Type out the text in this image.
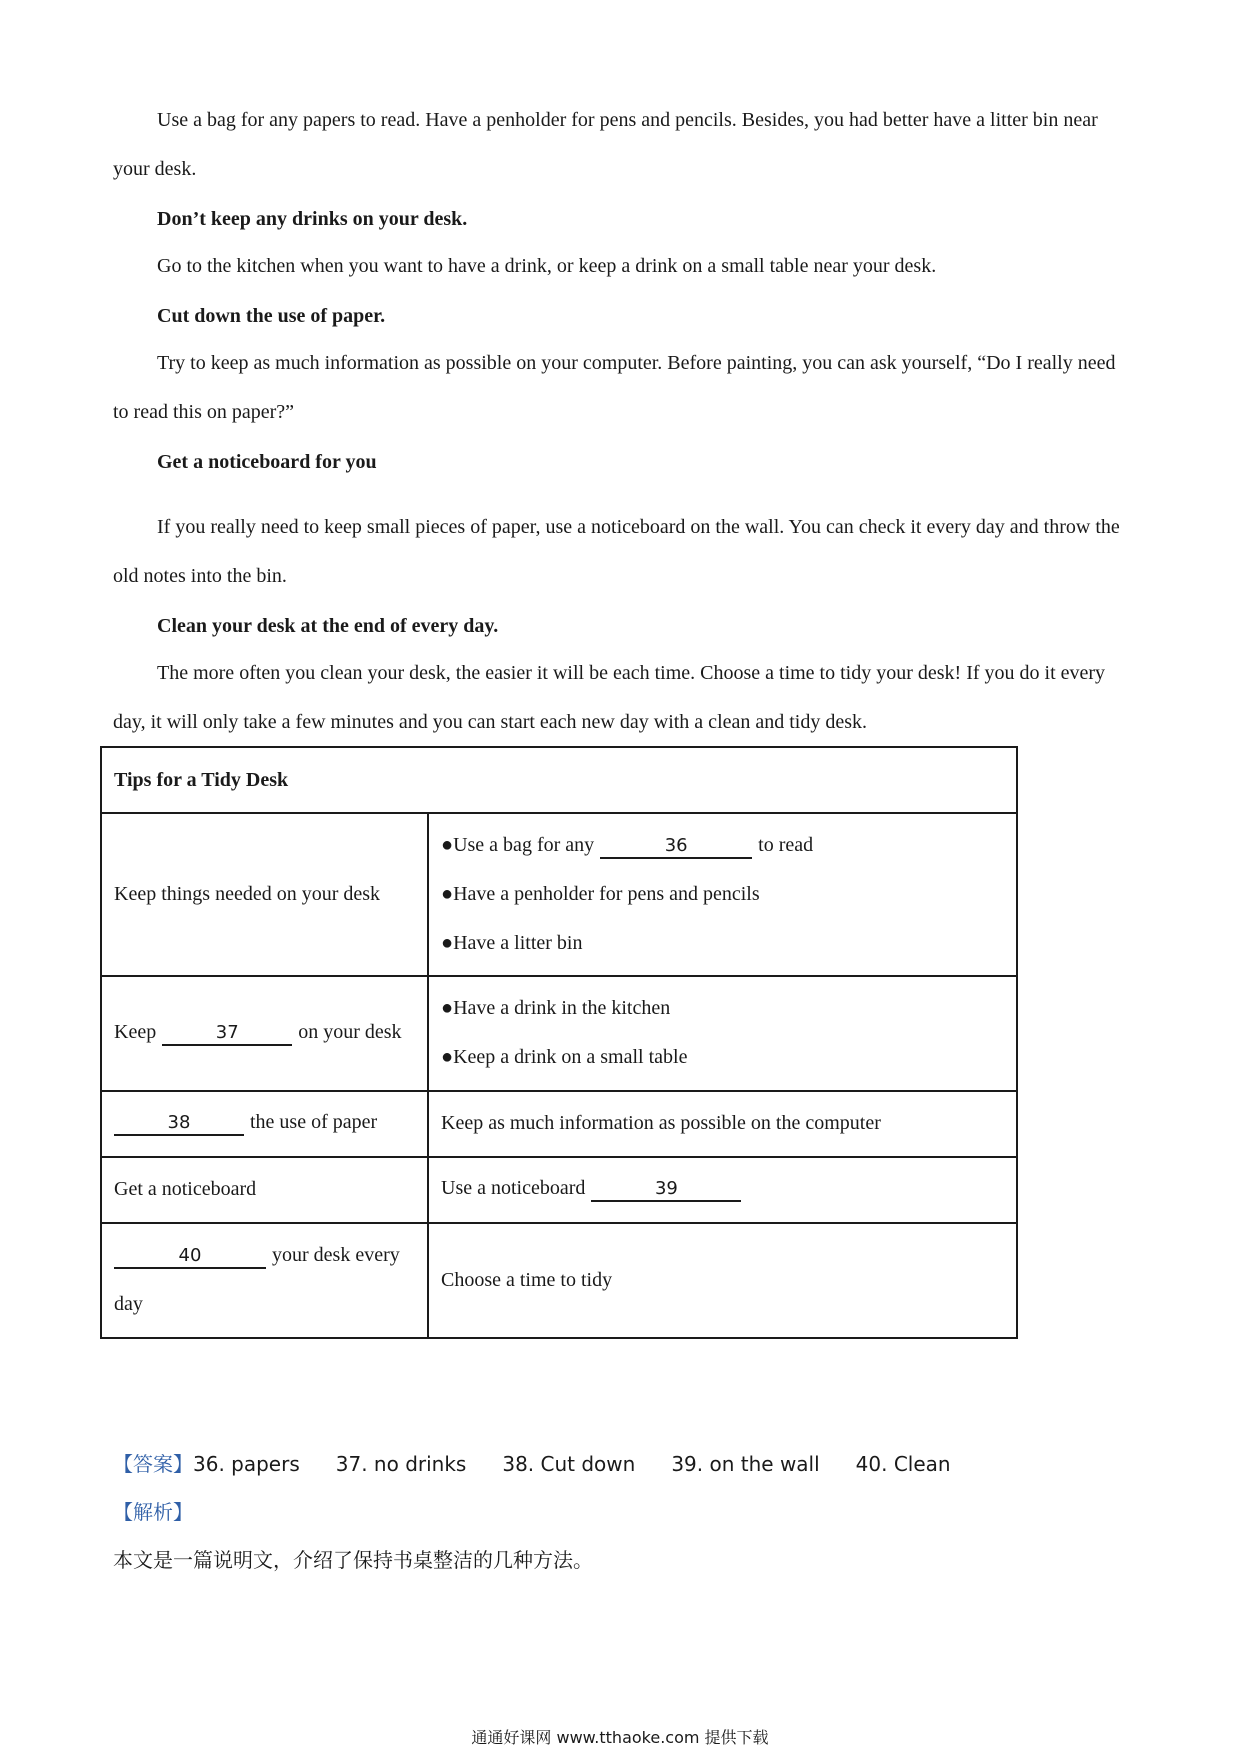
Use a bag for any papers to read. Have a penholder for pens and pencils. Besides, you had better have a litter bin near your desk.

Don’t keep any drinks on your desk.

Go to the kitchen when you want to have a drink, or keep a drink on a small table near your desk.

Cut down the use of paper.

Try to keep as much information as possible on your computer. Before painting, you can ask yourself, “Do I really need to read this on paper?”

Get a noticeboard for you

If you really need to keep small pieces of paper, use a noticeboard on the wall. You can check it every day and throw the old notes into the bin.

Clean your desk at the end of every day.

The more often you clean your desk, the easier it will be each time. Choose a time to tidy your desk! If you do it every day, it will only take a few minutes and you can start each new day with a clean and tidy desk.

Tips for a Tidy Desk	
Keep things needed on your desk	●Use a bag for any 36 to read
●Have a penholder for pens and pencils
●Have a litter bin

Keep 37 on your desk	●Have a drink in the kitchen
●Keep a drink on a small table

38 the use of paper	Keep as much information as possible on the computer
Get a noticeboard	Use a noticeboard 39

40 your desk every
day	Choose a time to tidy
【答案】36. papers 37. no drinks 38. Cut down 39. on the wall 40. Clean
【解析】
本文是一篇说明文，介绍了保持书桌整洁的几种方法。
通通好课网 www.tthaoke.com 提供下载
